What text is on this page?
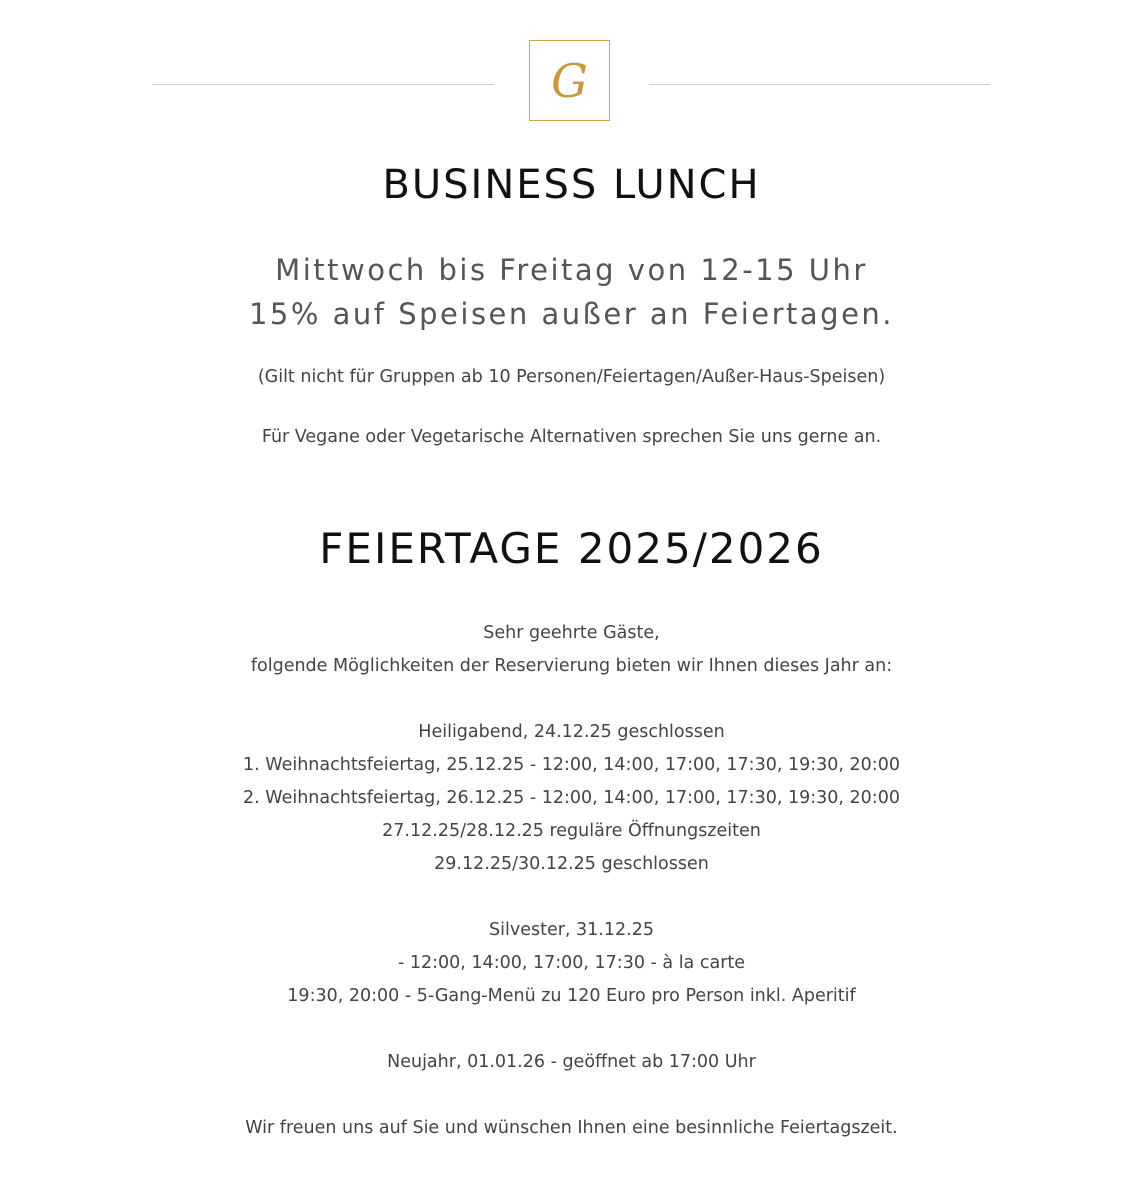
G
BUSINESS LUNCH
Mittwoch bis Freitag von 12-15 Uhr
15% auf Speisen außer an Feiertagen.
(Gilt nicht für Gruppen ab 10 Personen/Feiertagen/Außer-Haus-Speisen)
Für Vegane oder Vegetarische Alternativen sprechen Sie uns gerne an.
FEIERTAGE 2025/2026
Sehr geehrte Gäste,
folgende Möglichkeiten der Reservierung bieten wir Ihnen dieses Jahr an:
Heiligabend, 24.12.25 geschlossen
1. Weihnachtsfeiertag, 25.12.25 - 12:00, 14:00, 17:00, 17:30, 19:30, 20:00
2. Weihnachtsfeiertag, 26.12.25 - 12:00, 14:00, 17:00, 17:30, 19:30, 20:00
27.12.25/28.12.25 reguläre Öffnungszeiten
29.12.25/30.12.25 geschlossen
Silvester, 31.12.25
- 12:00, 14:00, 17:00, 17:30 - à la carte
19:30, 20:00 - 5-Gang-Menü zu 120 Euro pro Person inkl. Aperitif
Neujahr, 01.01.26 - geöffnet ab 17:00 Uhr
Wir freuen uns auf Sie und wünschen Ihnen eine besinnliche Feiertagszeit.
